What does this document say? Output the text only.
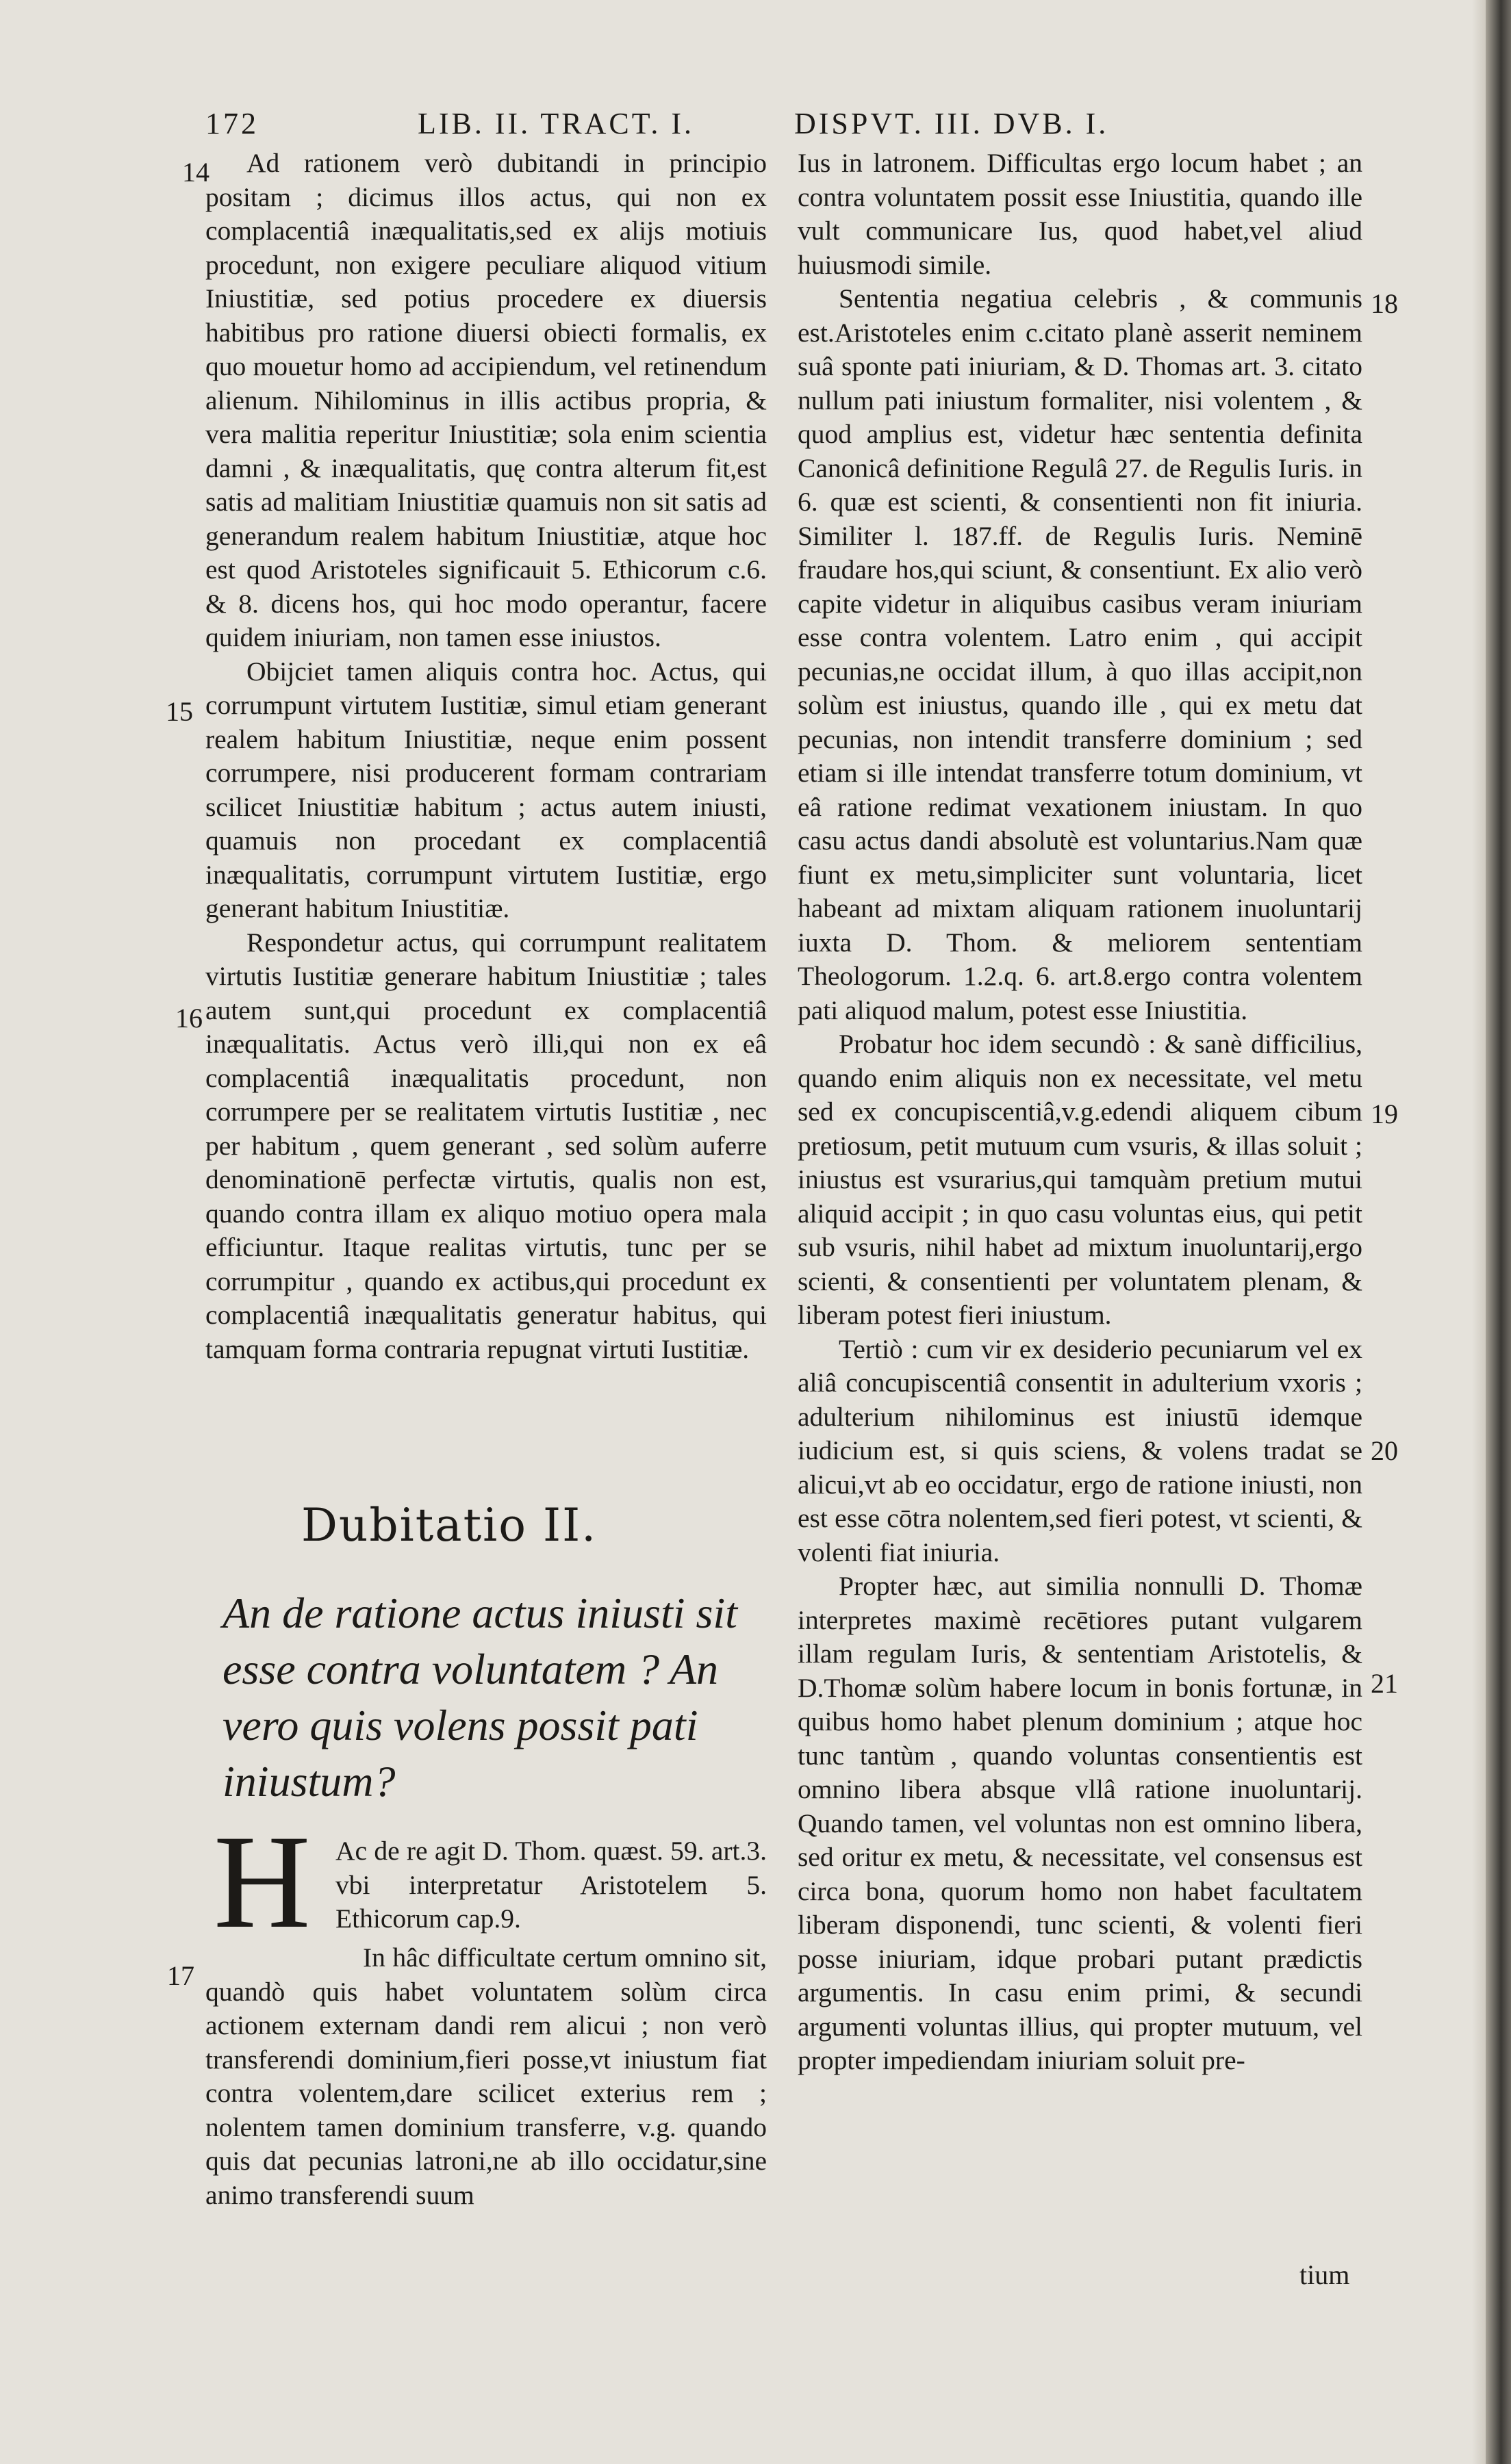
172	LIB. II. TRACT. I.	DISPVT. III. DVB. I.
14
15
16
17
18
19
20
21

Ad rationem verò dubitandi in principio positam ; dicimus illos actus, qui non ex complacentiâ inæqualitatis,sed ex alijs motiuis procedunt, non exigere peculiare aliquod vitium Iniustitiæ, sed potius procedere ex diuersis habitibus pro ratione diuersi obiecti formalis, ex quo mouetur homo ad accipiendum, vel retinendum alienum. Nihilominus in illis actibus propria, & vera malitia reperitur Iniustitiæ; sola enim scientia damni , & inæqualitatis, quę contra alterum fit,est satis ad malitiam Iniustitiæ quamuis non sit satis ad generandum realem habitum Iniustitiæ, atque hoc est quod Aristoteles significauit 5. Ethicorum c.6. & 8. dicens hos, qui hoc modo operantur, facere quidem iniuriam, non tamen esse iniustos.

Obijciet tamen aliquis contra hoc. Actus, qui corrumpunt virtutem Iustitiæ, simul etiam generant realem habitum Iniustitiæ, neque enim possent corrumpere, nisi producerent formam contrariam scilicet Iniustitiæ habitum ; actus autem iniusti, quamuis non procedant ex complacentiâ inæqualitatis, corrumpunt virtutem Iustitiæ, ergo generant habitum Iniustitiæ.

Respondetur actus, qui corrumpunt realitatem virtutis Iustitiæ generare habitum Iniustitiæ ; tales autem sunt,qui procedunt ex complacentiâ inæqualitatis. Actus verò illi,qui non ex eâ complacentiâ inæqualitatis procedunt, non corrumpere per se realitatem virtutis Iustitiæ , nec per habitum , quem generant , sed solùm auferre denominationē perfectæ virtutis, qualis non est, quando contra illam ex aliquo motiuo opera mala efficiuntur. Itaque realitas virtutis, tunc per se corrumpitur , quando ex actibus,qui procedunt ex complacentiâ inæqualitatis generatur habitus, qui tamquam forma contraria repugnat virtuti Iustitiæ.

Dubitatio II.
An de ratione actus iniusti sit esse contra voluntatem ? An vero quis volens possit pati iniustum?
H Ac de re agit D. Thom. quæst. 59. art.3. vbi interpretatur Aristotelem 5. Ethicorum cap.9.

In hâc difficultate certum omnino sit, quandò quis habet voluntatem solùm circa actionem externam dandi rem alicui ; non verò transferendi dominium,fieri posse,vt iniustum fiat contra volentem,dare scilicet exterius rem ; nolentem tamen dominium transferre, v.g. quando quis dat pecunias latroni,ne ab illo occidatur,sine animo transferendi suum

Ius in latronem. Difficultas ergo locum habet ; an contra voluntatem possit esse Iniustitia, quando ille vult communicare Ius, quod habet,vel aliud huiusmodi simile.

Sententia negatiua celebris , & communis est.Aristoteles enim c.citato planè asserit neminem suâ sponte pati iniuriam, & D. Thomas art. 3. citato nullum pati iniustum formaliter, nisi volentem , & quod amplius est, videtur hæc sententia definita Canonicâ definitione Regulâ 27. de Regulis Iuris. in 6. quæ est scienti, & consentienti non fit iniuria. Similiter l. 187.ff. de Regulis Iuris. Neminē fraudare hos,qui sciunt, & consentiunt. Ex alio verò capite videtur in aliquibus casibus veram iniuriam esse contra volentem. Latro enim , qui accipit pecunias,ne occidat illum, à quo illas accipit,non solùm est iniustus, quando ille , qui ex metu dat pecunias, non intendit transferre dominium ; sed etiam si ille intendat transferre totum dominium, vt eâ ratione redimat vexationem iniustam. In quo casu actus dandi absolutè est voluntarius.Nam quæ fiunt ex metu,simpliciter sunt voluntaria, licet habeant ad mixtam aliquam rationem inuoluntarij iuxta D. Thom. & meliorem sententiam Theologorum. 1.2.q. 6. art.8.ergo contra volentem pati aliquod malum, potest esse Iniustitia.

Probatur hoc idem secundò : & sanè difficilius, quando enim aliquis non ex necessitate, vel metu sed ex concupiscentiâ,v.g.edendi aliquem cibum pretiosum, petit mutuum cum vsuris, & illas soluit ; iniustus est vsurarius,qui tamquàm pretium mutui aliquid accipit ; in quo casu voluntas eius, qui petit sub vsuris, nihil habet ad mixtum inuoluntarij,ergo scienti, & consentienti per voluntatem plenam, & liberam potest fieri iniustum.

Tertiò : cum vir ex desiderio pecuniarum vel ex aliâ concupiscentiâ consentit in adulterium vxoris ; adulterium nihilominus est iniustū idemque iudicium est, si quis sciens, & volens tradat se alicui,vt ab eo occidatur, ergo de ratione iniusti, non est esse cōtra nolentem,sed fieri potest, vt scienti, & volenti fiat iniuria.

Propter hæc, aut similia nonnulli D. Thomæ interpretes maximè recētiores putant vulgarem illam regulam Iuris, & sententiam Aristotelis, & D.Thomæ solùm habere locum in bonis fortunæ, in quibus homo habet plenum dominium ; atque hoc tunc tantùm , quando voluntas consentientis est omnino libera absque vllâ ratione inuoluntarij. Quando tamen, vel voluntas non est omnino libera, sed oritur ex metu, & necessitate, vel consensus est circa bona, quorum homo non habet facultatem liberam disponendi, tunc scienti, & volenti fieri posse iniuriam, idque probari putant prædictis argumentis. In casu enim primi, & secundi argumenti voluntas illius, qui propter mutuum, vel propter impediendam iniuriam soluit pre-

tium
